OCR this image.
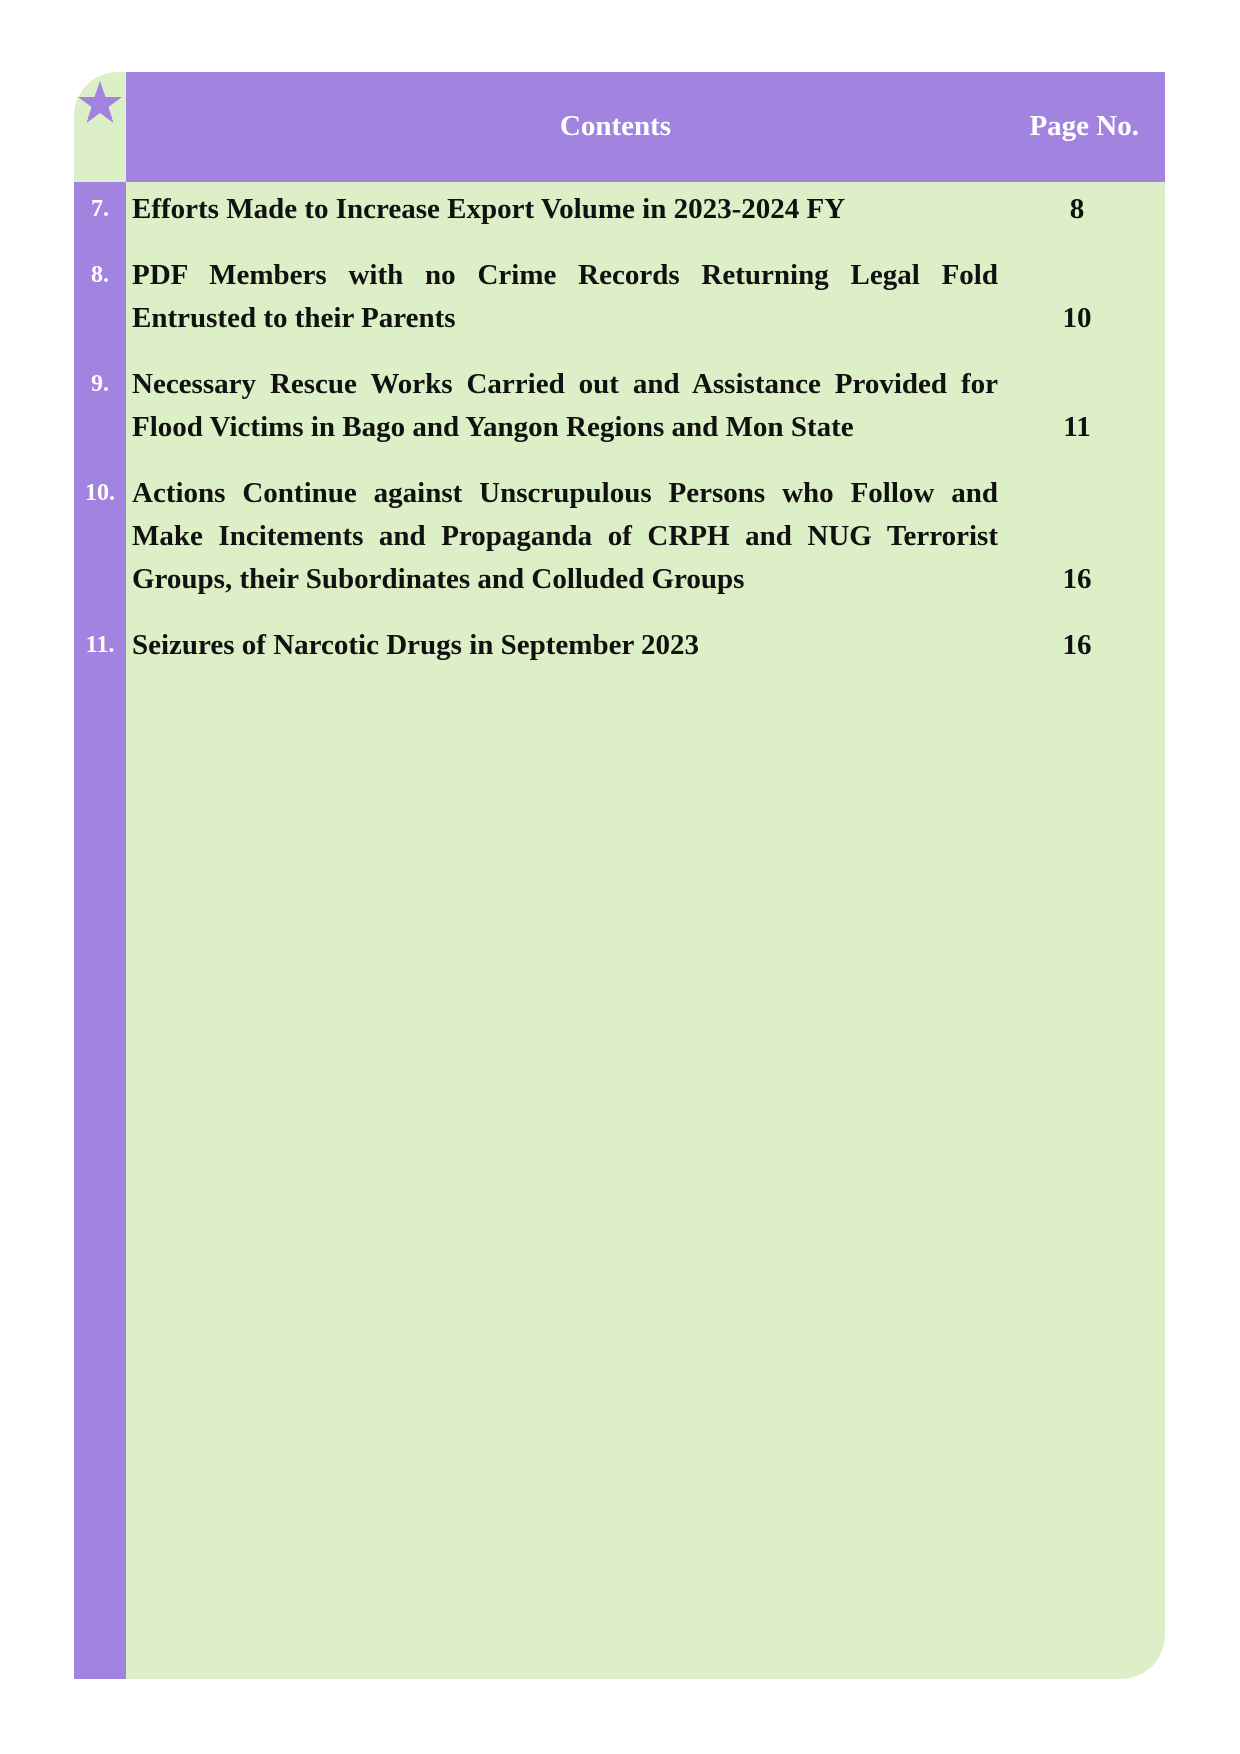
Contents	Page No.
7. Efforts Made to Increase Export Volume in 2023-2024 FY	8
8. PDF Members with no Crime Records Returning Legal Fold Entrusted to their Parents	10
9. Necessary Rescue Works Carried out and Assistance Provided for Flood Victims in Bago and Yangon Regions and Mon State	11
10. Actions Continue against Unscrupulous Persons who Follow and Make Incitements and Propaganda of CRPH and NUG Terrorist Groups, their Subordinates and Colluded Groups	16
11. Seizures of Narcotic Drugs in September 2023	16
